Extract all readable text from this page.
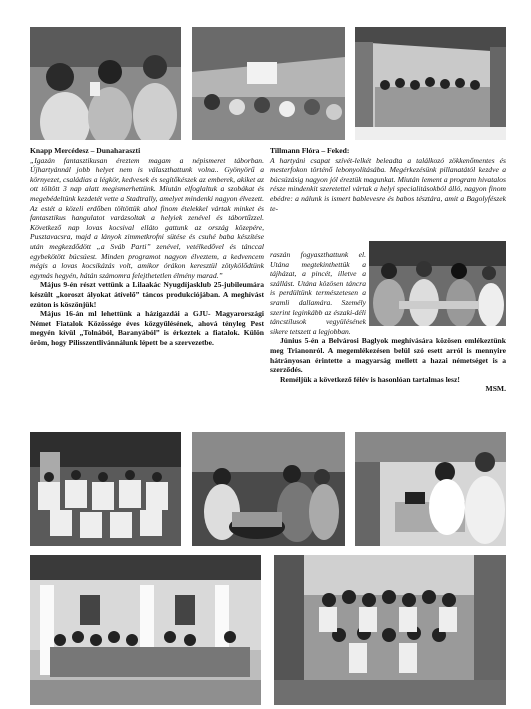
Knapp Mercédesz – Dunaharaszti

„Igazán fantasztikusan éreztem magam a népismeret táborban. Újhartyánnál jobb helyet nem is választhattunk volna.. Gyönyörű a környezet, családias a légkör, kedvesek és segítőkészek az emberek, akiket az ott töltött 3 nap alatt megismerhettünk. Miután elfoglaltuk a szobákat és megebédeltünk kezdetét vette a Stadtrally, amelyet mindenki nagyon élvezett. Az estét a közeli erdőben töltöttük ahol finom ételekkel vártak minket és fantasztikus hangulatot varázsoltak a helyiek zenével és tábortűzzel. Következő nap lovas kocsival elláto gattunk az ország közepére, Pusztavacsra, majd a lányok zimmetkrofni sütése és csuhé baba készítése után megkezdődött „a Sváb Parti” zenével, vetélkedővel és tánccal egybekötött búcsúest. Minden programot nagyon élveztem, a kedvencem mégis a lovas kocsikázás volt, amikor órákon keresztül zötykölődtünk egymás hegyén, hátán számomra felejthetetlen élmény marad.”

Május 9-én részt vettünk a Lilaakác Nyugdíjasklub 25-jubileumára készült „koroszt ályokat átívelő” táncos produkciójában. A meghívást ezúton is köszönjük!

Május 16-án ml lehettünk a házigazdái a GJU- Magyarországi Német Fiatalok Közössége éves közgyűlésének, ahová tényleg Pest megyén kívül „Tolnából, Baranyából” is érkeztek a fiatalok. Külön öröm, hogy Pilisszentlivánnálunk lépett be a szervezetbe.

Tillmann Flóra – Feked:

A hartyáni csapat szívét-lelkét beleadta a találkozó zökkenőmentes és mesterfokon történő lebonyolításába. Megérkezésünk pillanatától kezdve a búcsúzásig nagyon jól éreztük magunkat. Miután lement a program hivatalos része mindenkit szeretettel vártak a helyi specialitásokból álló, nagyon finom ebédre: a nálunk is ismert bablevesre és babos tésztára, amit a Bagolyfészek te-

raszán fogyaszthattunk el. Utána megtekinthettük a tájházat, a pincét, illetve a szállást. Utána közösen táncra is perdültünk természetesen a sramli dallamára. Személy szerint leginkább az északi-déli táncstílusok vegyülésének sikere tetszett a legjobban.

Június 5-én a Belvárosi Baglyok meghívására közösen emlékeztünk meg Trianonról. A megemlékezésen belül szó esett arról is mennyire hátrányosan érintette a magyarság mellett a hazai németséget is a szerződés.

Reméljük a következő félév is hasonlóan tartalmas lesz!

MSM.
